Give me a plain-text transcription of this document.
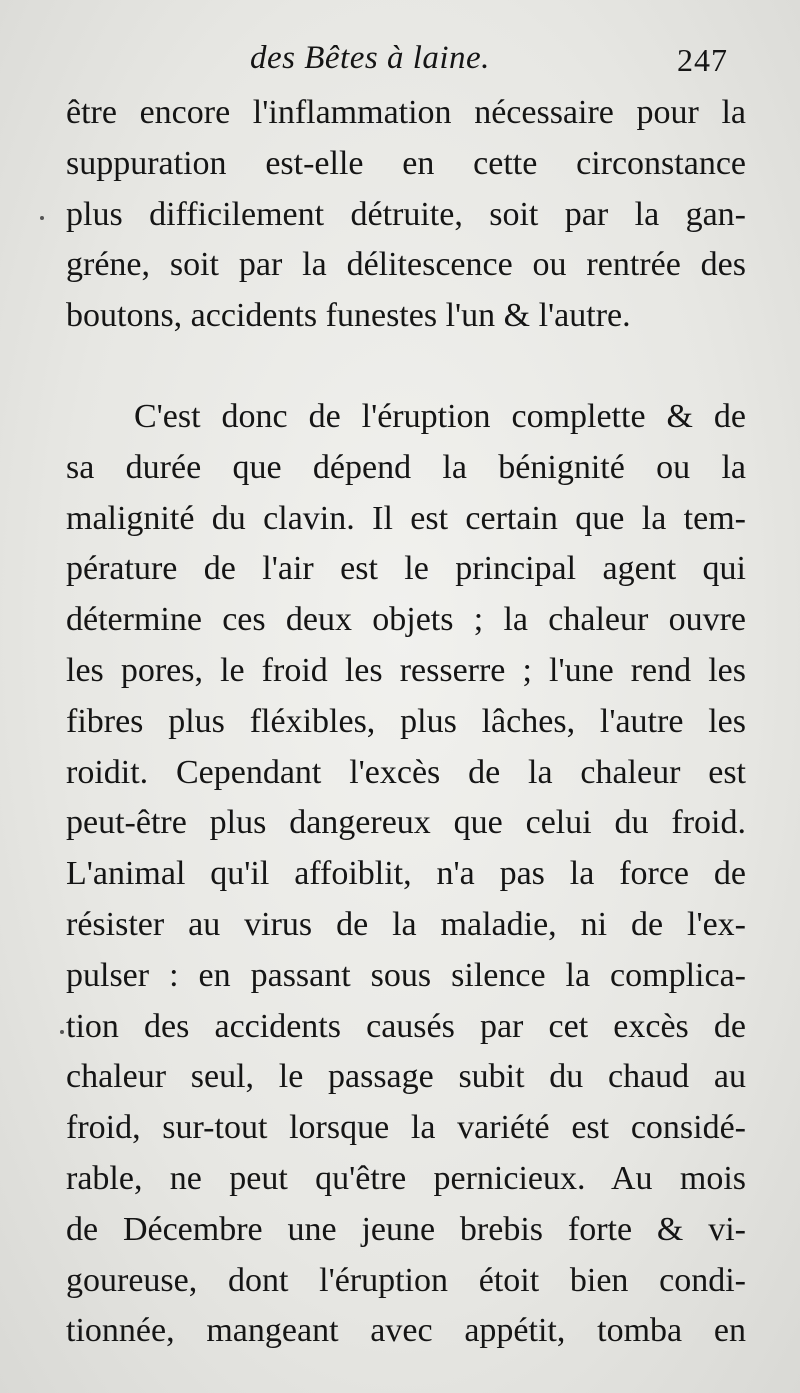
des Bêtes à laine.	247
être encore l'inflammation nécessaire pour la
suppuration est-elle en cette circonstance
plus difficilement détruite, soit par la gan-
gréne, soit par la délitescence ou rentrée des
boutons, accidents funestes l'un & l'autre.
C'est donc de l'éruption complette & de
sa durée que dépend la bénignité ou la
malignité du clavin. Il est certain que la tem-
pérature de l'air est le principal agent qui
détermine ces deux objets ; la chaleur ouvre
les pores, le froid les resserre ; l'une rend les
fibres plus fléxibles, plus lâches, l'autre les
roidit. Cependant l'excès de la chaleur est
peut-être plus dangereux que celui du froid.
L'animal qu'il affoiblit, n'a pas la force de
résister au virus de la maladie, ni de l'ex-
pulser : en passant sous silence la complica-
tion des accidents causés par cet excès de
chaleur seul, le passage subit du chaud au
froid, sur-tout lorsque la variété est considé-
rable, ne peut qu'être pernicieux. Au mois
de Décembre une jeune brebis forte & vi-
goureuse, dont l'éruption étoit bien condi-
tionnée, mangeant avec appétit, tomba en
